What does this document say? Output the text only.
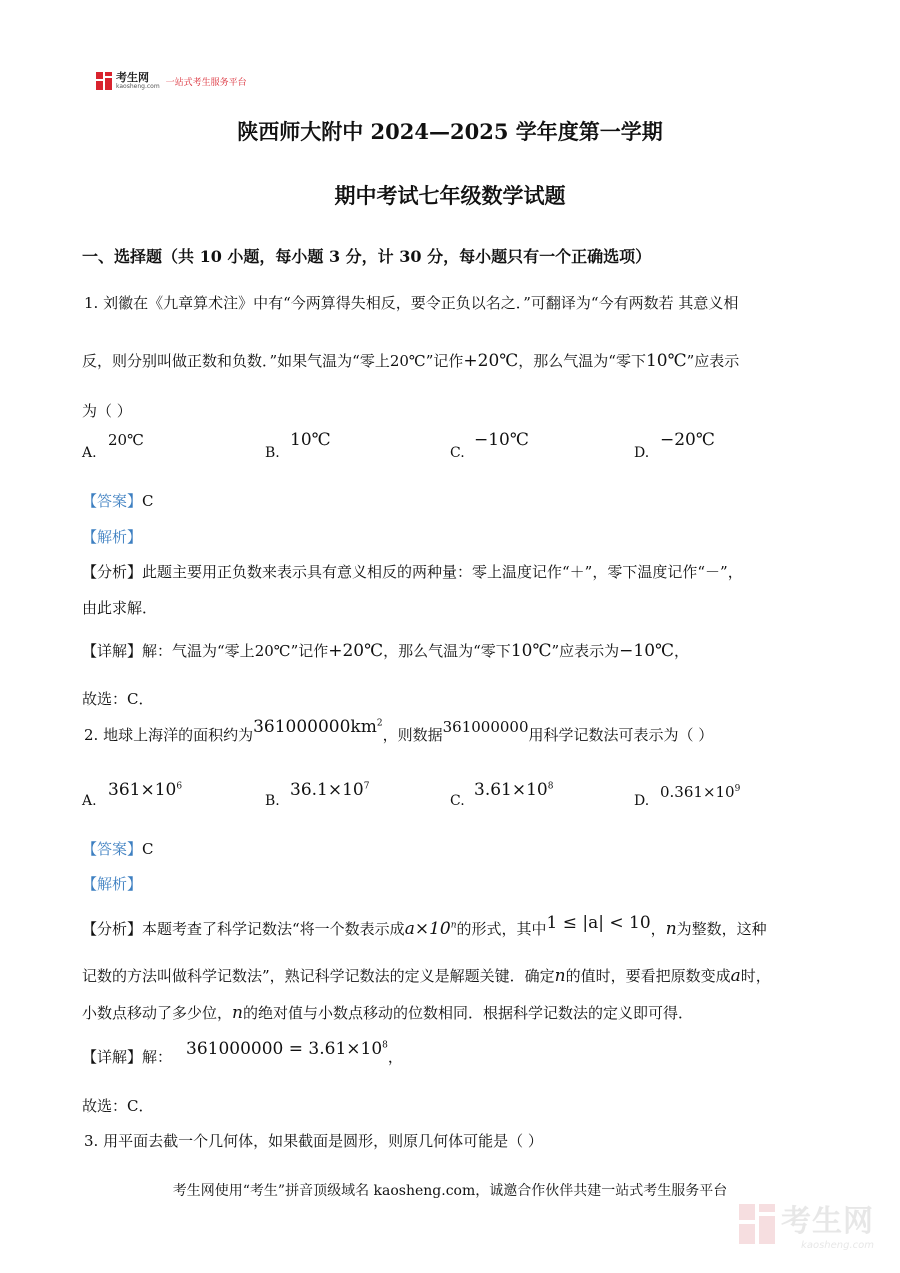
考生网
kaosheng.com 一站式考生服务平台
陕西师大附中 2024—2025 学年度第一学期
期中考试七年级数学试题
一、选择题（共 10 小题，每小题 3 分，计 30 分，每小题只有一个正确选项）
1. 刘徽在《九章算术注》中有“今两算得失相反，要令正负以名之．”可翻译为“今有两数若 其意义相
反，则分别叫做正数和负数．”如果气温为“零上20℃”记作+20℃，那么气温为“零下10℃”应表示
为（ ）
A.
20℃
B.
10℃
C.
−10℃
D.
−20℃
【答案】C
【解析】
【分析】此题主要用正负数来表示具有意义相反的两种量：零上温度记作“＋”，零下温度记作“－”，
由此求解．
【详解】解：气温为“零上20℃”记作+20℃，那么气温为“零下10℃”应表示为−10℃，
故选：C．
2. 地球上海洋的面积约为$361000000km^2$，则数据361000000用科学记数法可表示为（ ）
A.
$361\times 10^6$
B.
$36.1\times 10^7$
C.
$3.61\times 10^8$
D. $0.361\times 10^9$
【答案】C
【解析】
【分析】本题考查了科学记数法“将一个数表示成$a\times 10^n$的形式，其中1 ≤ |a| < 10，n为整数，这种
记数的方法叫做科学记数法”，熟记科学记数法的定义是解题关键．确定n的值时，要看把原数变成a时，
小数点移动了多少位，n的绝对值与小数点移动的位数相同．根据科学记数法的定义即可得．
【详解】解： $361000000 = 3.61\times 10^8$，
故选：C．
3. 用平面去截一个几何体，如果截面是圆形，则原几何体可能是（ ）
考生网使用“考生”拼音顶级域名 kaosheng.com，诚邀合作伙伴共建一站式考生服务平台
考生网
kaosheng.com
